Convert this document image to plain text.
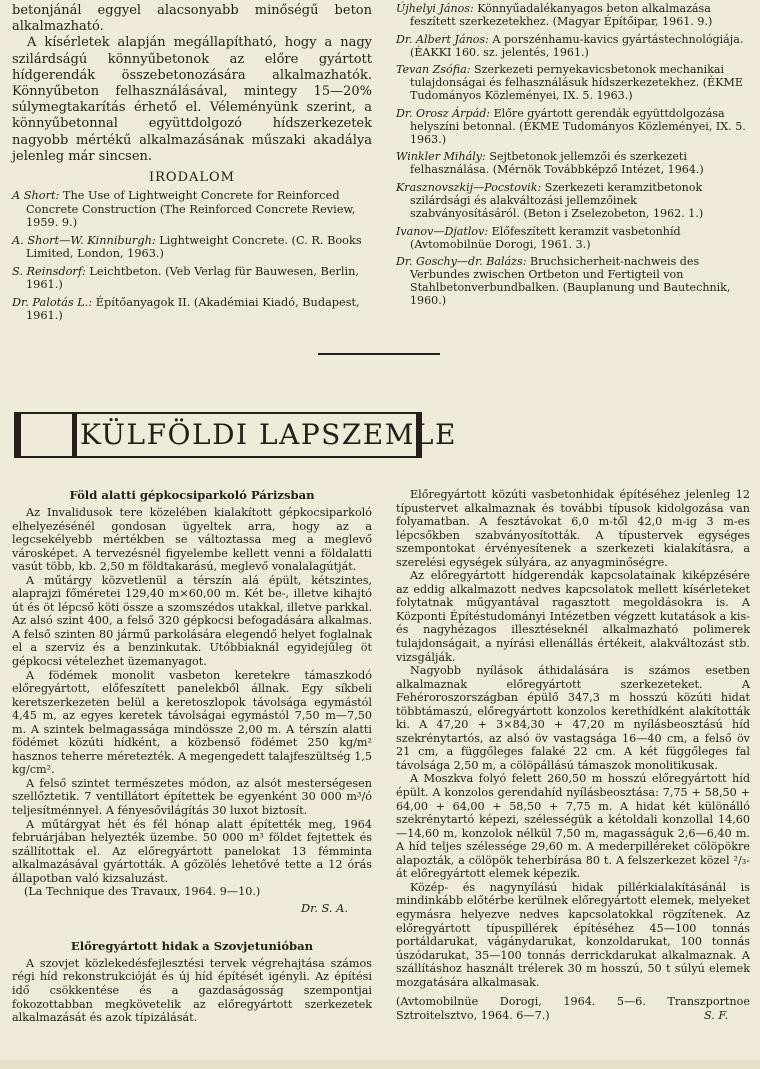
betonjánál eggyel alacsonyabb minőségű beton alkalmazható.

A kísérletek alapján megállapítható, hogy a nagy szilárdságú könnyűbetonok az előre gyártott hídgerendák összebetonozására alkalmazhatók. Könnyűbeton felhasználásával, mintegy 15—20% súlymegtakarítás érhető el. Véleményünk szerint, a könnyűbetonnal együttdolgozó hídszerkezetek nagyobb mértékű alkalmazásának műszaki akadálya jelenleg már sincsen.

IRODALOM

A Short: The Use of Lightweight Concrete for Reinforced Concrete Construction (The Reinforced Concrete Review, 1959. 9.)

A. Short—W. Kinniburgh: Lightweight Concrete. (C. R. Books Limited, London, 1963.)

S. Reinsdorf: Leichtbeton. (Veb Verlag für Bauwesen, Berlin, 1961.)

Dr. Palotás L.: Építőanyagok II. (Akadémiai Kiadó, Budapest, 1961.)

Újhelyi János: Könnyűadalékanyagos beton alkalmazása feszített szerkezetekhez. (Magyar Építőipar, 1961. 9.)

Dr. Albert János: A porszénhamu-kavics gyártástechnológiája. (ÉAKKI 160. sz. jelentés, 1961.)

Tevan Zsófia: Szerkezeti pernyekavicsbetonok mechanikai tulajdonságai és felhasználásuk hídszerkezetekhez. (ÉKME Tudományos Közleményei, IX. 5. 1963.)

Dr. Orosz Árpád: Előre gyártott gerendák együttdolgozása helyszíni betonnal. (ÉKME Tudományos Közleményei, IX. 5. 1963.)

Winkler Mihály: Sejtbetonok jellemzői és szerkezeti felhasználása. (Mérnök Továbbképző Intézet, 1964.)

Krasznovszkij—Pocstovik: Szerkezeti keramzitbetonok szilárdsági és alakváltozási jellemzőinek szabványosításáról. (Beton i Zselezobeton, 1962. 1.)

Ivanov—Djatlov: Előfeszített keramzit vasbetonhíd (Avtomobilnüe Dorogi, 1961. 3.)

Dr. Goschy—dr. Balázs: Bruchsicherheit-nachweis des Verbundes zwischen Ortbeton und Fertigteil von Stahlbetonverbundbalken. (Bauplanung und Bautechnik, 1960.)

KÜLFÖLDI LAPSZEMLE
Föld alatti gépkocsiparkoló Párizsban

Az Invalidusok tere közelében kialakított gépkocsiparkoló elhelyezésénél gondosan ügyeltek arra, hogy az a legcsekélyebb mértékben se változtassa meg a meglevő városképet. A tervezésnél figyelembe kellett venni a földalatti vasút több, kb. 2,50 m földtakarású, meglevő vonalalagútját.

A műtárgy közvetlenül a térszín alá épült, kétszintes, alaprajzi főméretei 129,40 m×60,00 m. Két be-, illetve kihajtó út és öt lépcső köti össze a szomszédos utakkal, illetve parkkal. Az alsó szint 400, a felső 320 gépkocsi befogadására alkalmas. A felső szinten 80 jármű parkolására elegendő helyet foglalnak el a szerviz és a benzinkutak. Utóbbiaknál egyidejűleg öt gépkocsi vételezhet üzemanyagot.

A födémek monolit vasbeton keretekre támaszkodó előregyártott, előfeszített panelekből állnak. Egy síkbeli keretszerkezeten belül a keretoszlopok távolsága egymástól 4,45 m, az egyes keretek távolságai egymástól 7,50 m—7,50 m. A szintek belmagassága mindössze 2,00 m. A térszín alatti födémet közúti hídként, a közbenső födémet 250 kg/m² hasznos teherre méretezték. A megengedett talajfeszültség 1,5 kg/cm².

A felső szintet természetes módon, az alsót mesterségesen szellőztetik. 7 ventillátort építettek be egyenként 30 000 m³/ó teljesítménnyel. A fényesővilágítás 30 luxot biztosít.

A műtárgyat hét és fél hónap alatt építették meg, 1964 februárjában helyezték üzembe. 50 000 m³ földet fejtettek és szállítottak el. Az előregyártott panelokat 13 fémminta alkalmazásával gyártották. A gőzölés lehetővé tette a 12 órás állapotban való kizsaluzást.

(La Technique des Travaux, 1964. 9—10.)

Dr. S. A.
Előregyártott hidak a Szovjetunióban

A szovjet közlekedésfejlesztési tervek végrehajtása számos régi híd rekonstrukcióját és új híd építését igényli. Az építési idő csökkentése és a gazdaságosság szempontjai fokozottabban megkövetelik az előregyártott szerkezetek alkalmazását és azok típizálását.

Előregyártott közúti vasbetonhidak építéséhez jelenleg 12 típustervet alkalmaznak és további típusok kidolgozása van folyamatban. A fesztávokat 6,0 m-től 42,0 m-ig 3 m-es lépcsőkben szabványosították. A típustervek egységes szempontokat érvényesítenek a szerkezeti kialakításra, a szerelési egységek súlyára, az anyagminőségre.

Az előregyártott hídgerendák kapcsolatainak kiképzésére az eddig alkalmazott nedves kapcsolatok mellett kísérleteket folytatnak műgyantával ragasztott megoldásokra is. A Központi Építéstudományi Intézetben végzett kutatások a kis- és nagyhézagos illesztéseknél alkalmazható polimerek tulajdonságait, a nyírási ellenállás értékeit, alakváltozást stb. vizsgálják.

Nagyobb nyílások áthidalására is számos esetben alkalmaznak előregyártott szerkezeteket. A Fehéroroszországban épülő 347,3 m hosszú közúti hidat többtámaszú, előregyártott konzolos kerethídként alakították ki. A 47,20 + 3×84,30 + 47,20 m nyílásbeosztású híd szekrénytartós, az alsó öv vastagsága 16—40 cm, a felső öv 21 cm, a függőleges falaké 22 cm. A két függőleges fal távolsága 2,50 m, a cölöpállású támaszok monolitikusak.

A Moszkva folyó felett 260,50 m hosszú előregyártott híd épült. A konzolos gerendahíd nyílásbeosztása: 7,75 + 58,50 + 64,00 + 64,00 + 58,50 + 7,75 m. A hidat két különálló szekrénytartó képezi, szélességük a kétoldali konzollal 14,60—14,60 m, konzolok nélkül 7,50 m, magasságuk 2,6—6,40 m. A híd teljes szélessége 29,60 m. A mederpilléreket cölöpökre alapozták, a cölöpök teherbírása 80 t. A felszerkezet közel ²/₃-át előregyártott elemek képezik.

Közép- és nagynyílású hidak pillérkialakításánál is mindinkább előtérbe kerülnek előregyártott elemek, melyeket egymásra helyezve nedves kapcsolatokkal rögzítenek. Az előregyártott típuspillérek építéséhez 45—100 tonnás portáldarukat, vágánydarukat, konzoldarukat, 100 tonnás úszódarukat, 35—100 tonnás derrickdarukat alkalmaznak. A szállításhoz használt trélerek 30 m hosszú, 50 t súlyú elemek mozgatására alkalmasak.

(Avtomobilnüe Dorogi, 1964. 5—6. Transzportnoe Sztroitelsztvo, 1964. 6—7.)	S. F.
